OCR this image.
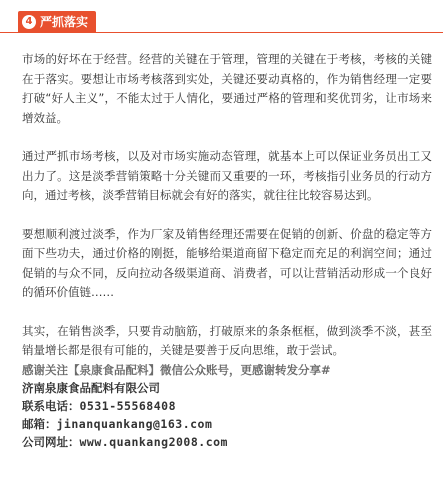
4 严抓落实

市场的好坏在于经营。经营的关键在于管理，管理的关键在于考核，考核的关键在于落实。要想让市场考核落到实处，关键还要动真格的，作为销售经理一定要打破“好人主义”，不能太过于人情化，要通过严格的管理和奖优罚劣，让市场来增效益。

通过严抓市场考核，以及对市场实施动态管理，就基本上可以保证业务员出工又出力了。这是淡季营销策略十分关键而又重要的一环，考核指引业务员的行动方向，通过考核，淡季营销目标就会有好的落实，就往往比较容易达到。

要想顺利渡过淡季，作为厂家及销售经理还需要在促销的创新、价盘的稳定等方面下些功夫，通过价格的刚挺，能够给渠道商留下稳定而充足的利润空间；通过促销的与众不同，反向拉动各级渠道商、消费者，可以让营销活动形成一个良好的循环价值链……

其实，在销售淡季，只要肯动脑筋，打破原来的条条框框，做到淡季不淡，甚至销量增长都是很有可能的，关键是要善于反向思维，敢于尝试。

感谢关注【泉康食品配料】微信公众账号，更感谢转发分享#

济南泉康食品配料有限公司

联系电话：0531-55568408

邮箱：jinanquankang@163.com

公司网址：www.quankang2008.com
